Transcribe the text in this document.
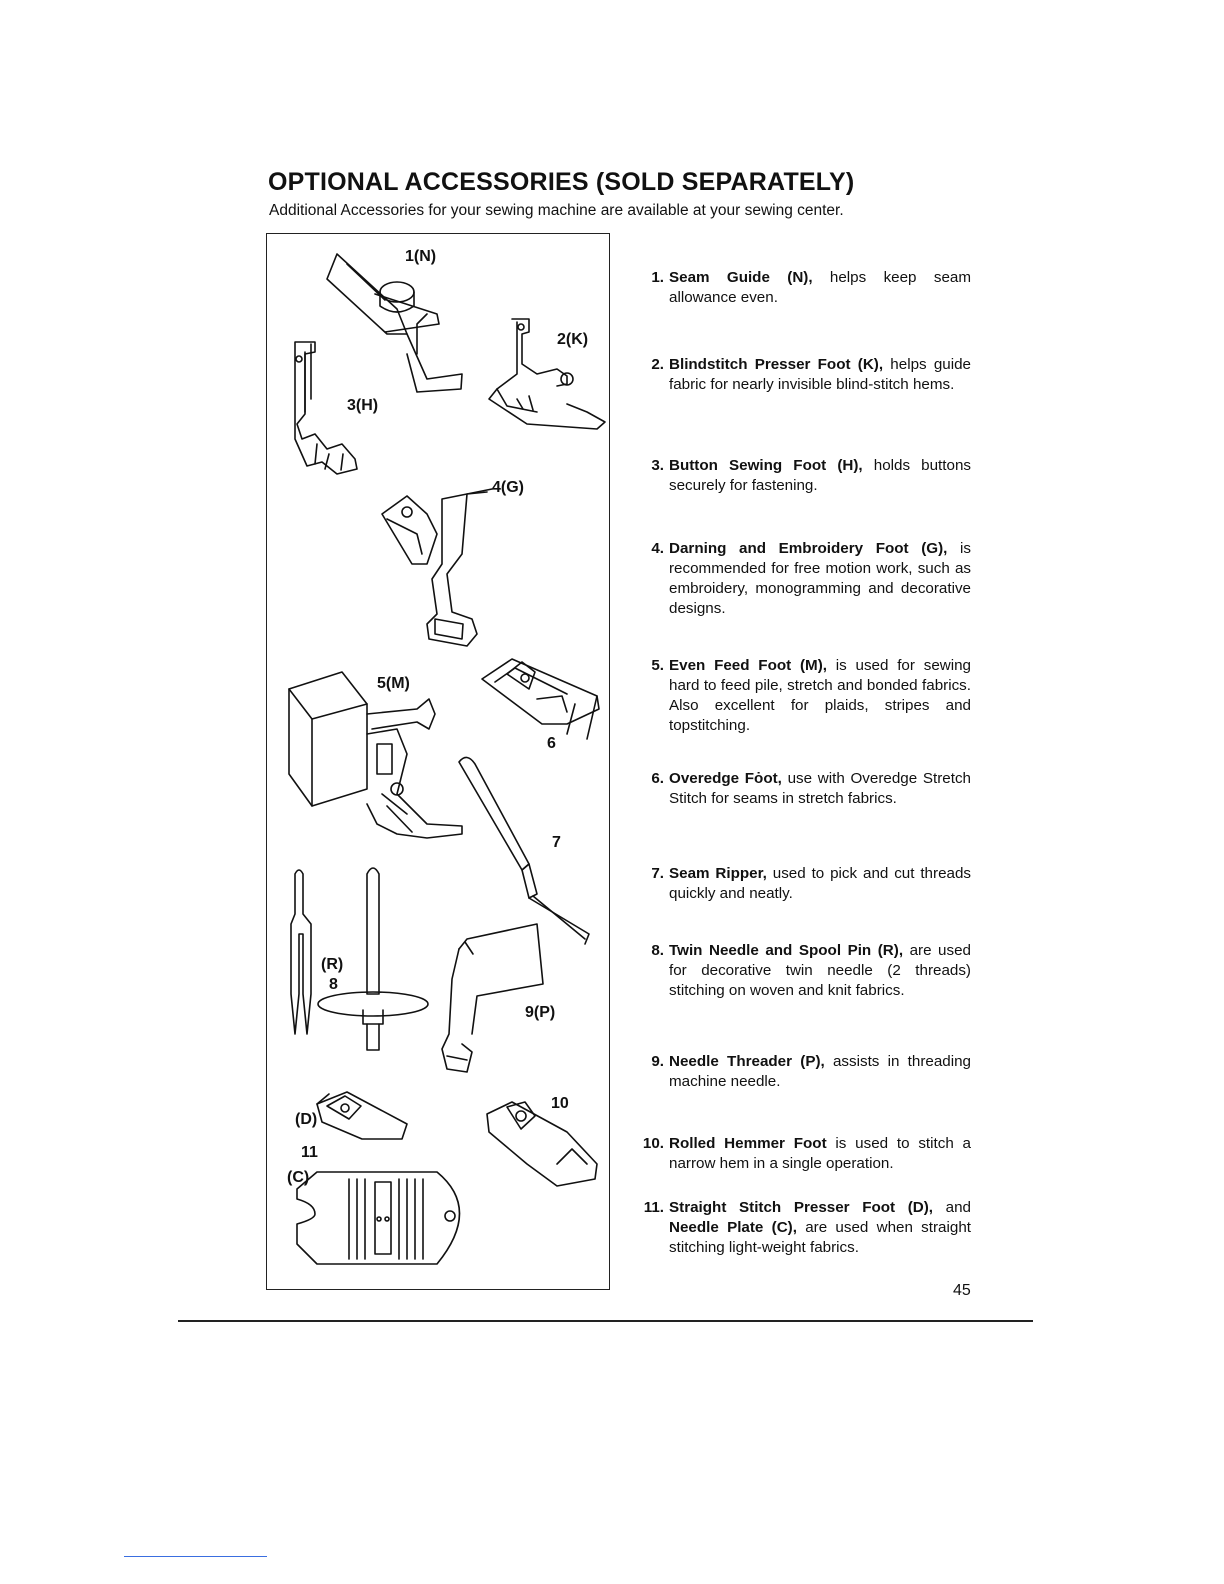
OPTIONAL ACCESSORIES (SOLD SEPARATELY)
Additional Accessories for your sewing machine are available at your sewing center.
1(N)
2(K)
3(H)
4(G)
5(M)
6
7
(R)
8
9(P)
10
(D)
11
(C)
1. Seam Guide (N), helps keep seam allowance even.
2. Blindstitch Presser Foot (K), helps guide fabric for nearly invisible blind-stitch hems.
3. Button Sewing Foot (H), holds buttons securely for fastening.
4. Darning and Embroidery Foot (G), is recommended for free motion work, such as embroidery, monogramming and decorative designs.
5. Even Feed Foot (M), is used for sewing hard to feed pile, stretch and bonded fabrics. Also excellent for plaids, stripes and topstitching.
6. Overedge Fȯot, use with Overedge Stretch Stitch for seams in stretch fabrics.
7. Seam Ripper, used to pick and cut threads quickly and neatly.
8. Twin Needle and Spool Pin (R), are used for decorative twin needle (2 threads) stitching on woven and knit fabrics.
9. Needle Threader (P), assists in threading machine needle.
10. Rolled Hemmer Foot is used to stitch a narrow hem in a single operation.
11. Straight Stitch Presser Foot (D), and Needle Plate (C), are used when straight stitching light-weight fabrics.
45
